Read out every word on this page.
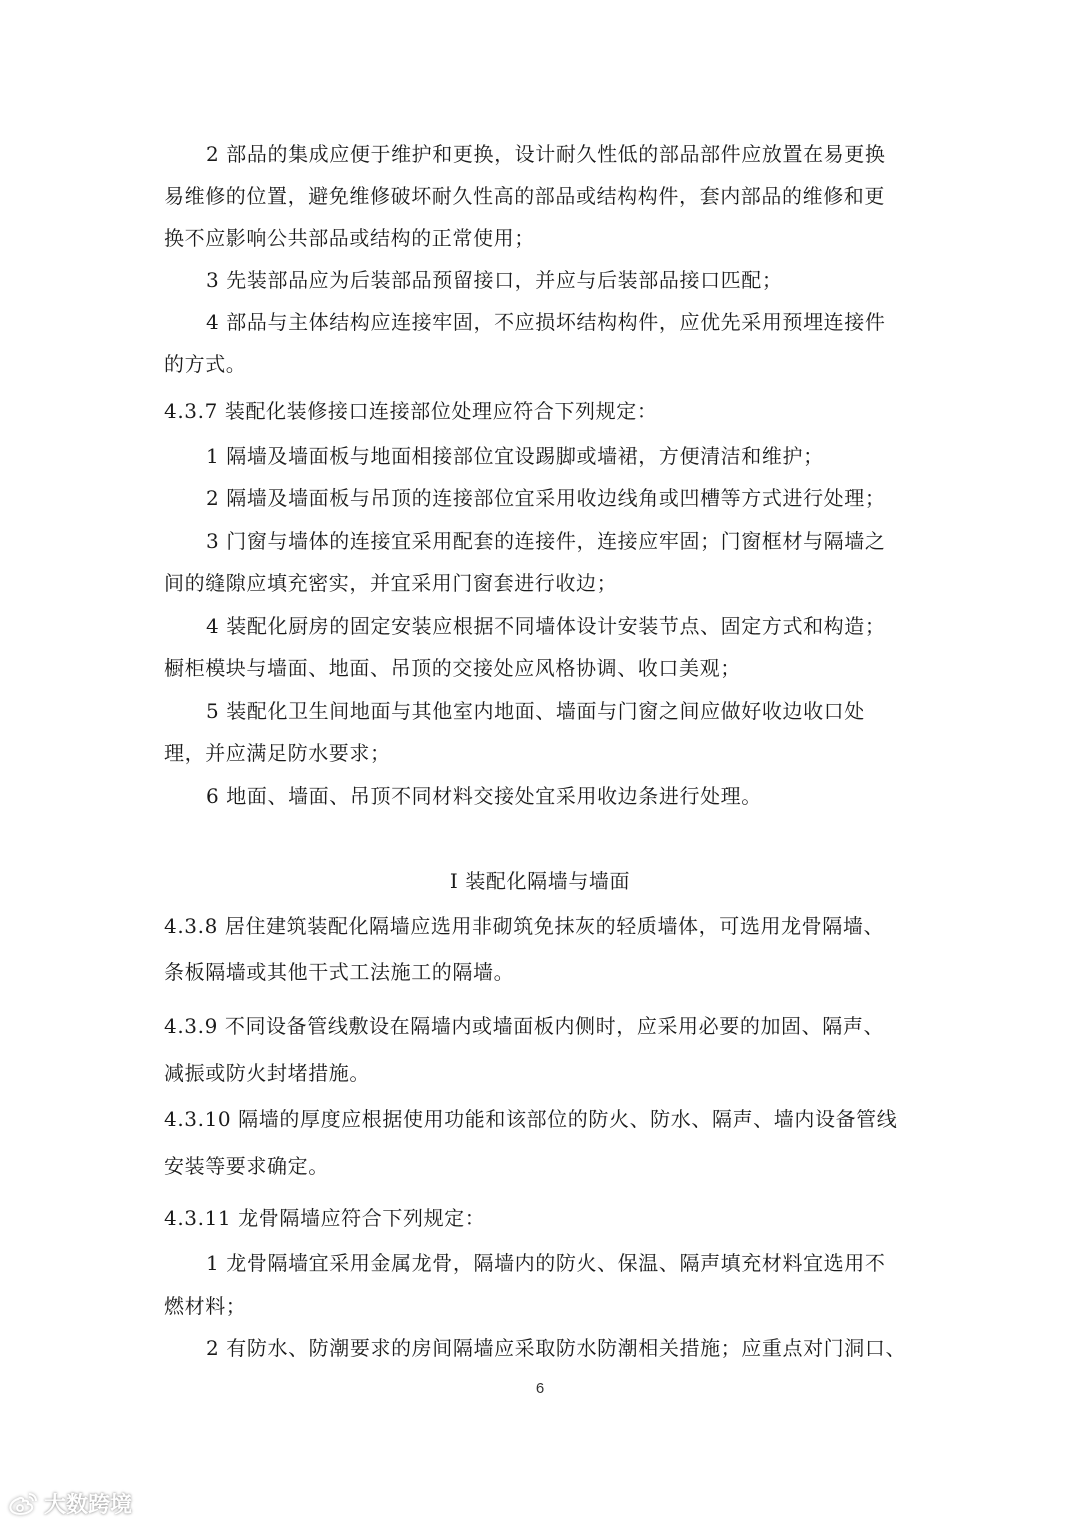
2 部品的集成应便于维护和更换，设计耐久性低的部品部件应放置在易更换
易维修的位置，避免维修破坏耐久性高的部品或结构构件，套内部品的维修和更
换不应影响公共部品或结构的正常使用；
3 先装部品应为后装部品预留接口，并应与后装部品接口匹配；
4 部品与主体结构应连接牢固，不应损坏结构构件，应优先采用预埋连接件
的方式。
4.3.7 装配化装修接口连接部位处理应符合下列规定：
1 隔墙及墙面板与地面相接部位宜设踢脚或墙裙，方便清洁和维护；
2 隔墙及墙面板与吊顶的连接部位宜采用收边线角或凹槽等方式进行处理；
3 门窗与墙体的连接宜采用配套的连接件，连接应牢固；门窗框材与隔墙之
间的缝隙应填充密实，并宜采用门窗套进行收边；
4 装配化厨房的固定安装应根据不同墙体设计安装节点、固定方式和构造；
橱柜模块与墙面、地面、吊顶的交接处应风格协调、收口美观；
5 装配化卫生间地面与其他室内地面、墙面与门窗之间应做好收边收口处
理，并应满足防水要求；
6 地面、墙面、吊顶不同材料交接处宜采用收边条进行处理。
I 装配化隔墙与墙面
4.3.8 居住建筑装配化隔墙应选用非砌筑免抹灰的轻质墙体，可选用龙骨隔墙、
条板隔墙或其他干式工法施工的隔墙。
4.3.9 不同设备管线敷设在隔墙内或墙面板内侧时，应采用必要的加固、隔声、
减振或防火封堵措施。
4.3.10 隔墙的厚度应根据使用功能和该部位的防火、防水、隔声、墙内设备管线
安装等要求确定。
4.3.11 龙骨隔墙应符合下列规定：
1 龙骨隔墙宜采用金属龙骨，隔墙内的防火、保温、隔声填充材料宜选用不
燃材料；
2 有防水、防潮要求的房间隔墙应采取防水防潮相关措施；应重点对门洞口、
6
大数跨境
